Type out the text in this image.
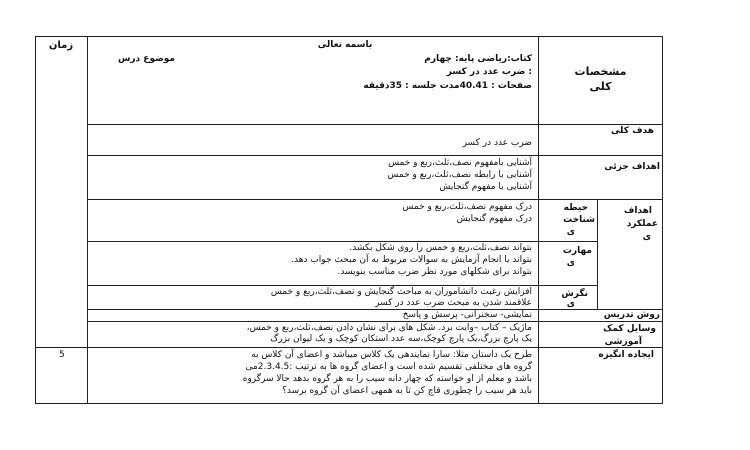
زمان	باسمه تعالی
کتاب:ریاضی پایه: چهارم
موضوع درس
: ضرب عدد در کسر
صفحات : 40.41مدت جلسه : 35دقیقه
مشخصات
کلی
هدف کلی
ضرب عدد در کسر
اهداف جزئی
آشنایی بامفهوم نصف،ثلث،ربع و خمس
آشنایی با رابطه نصف،ثلث،ربع و خمس
آشنایی با مفهوم گنجایش
اهداف
عملکرد
ی
حیطه
شناخت
ی
درک مفهوم نصف،ثلث،ربع و خمس
درک مفهوم گنجایش
مهارت
ی
بتواند نصف،ثلث،ربع و خمس را روی شکل بکشد.
بتواند با انجام آزمایش به سوالات مربوط به آن مبحث جواب دهد.
بتواند برای شکلهای مورد نظر ضرب مناسب بنویسد.
نگرش
ی
افزایش رغبت دانشاموزان به مباحث گنجایش و نصف،ثلث،ربع و خمس
علاقمند شدن به مبحث ضرب عدد در کسر
روش تدریس
نمایشی- سخنرانی- پرسش و پاسخ
وسایل کمک
آموزشی
ماژیک – کتاب –وایت برد. شکل های برای نشان دادن نصف،ثلث،ربع و خمس،
یک پارچ بزرگ،یک پارچ کوچک،سه عدد استکان کوچک و یک لیوان بزرگ
5	ایجاده انگیزه
طرح یک داستان مثلا: سارا نمایندهی یک کلاس میباشد و اعضای آن کلاس به
گروه های مختلفی تقسیم شده است و اعضای گروه ها به ترتیب :2.3.4.5می
باشد و معلم از او خواسته که چهار دانه سیب را به هر گروه بدهد حالا سرگروه
باید هر سیب را چطوری قاچ کن تا به همهی اعضای آن گروه برسد؟
